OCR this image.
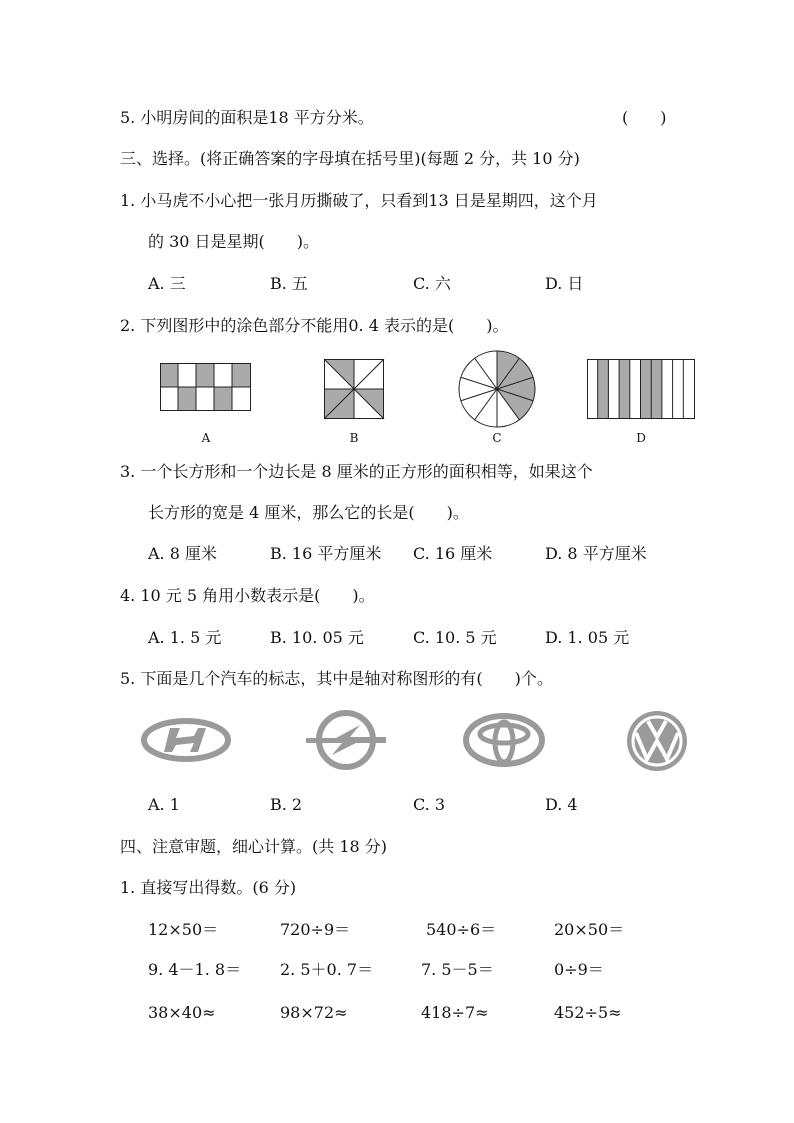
5. 小明房间的面积是18 平方分米。	(　　)
三、选择。(将正确答案的字母填在括号里)(每题 2 分，共 10 分)
1. 小马虎不小心把一张月历撕破了，只看到13 日是星期四，这个月
的 30 日是星期(　　)。
A. 三	B. 五	C. 六	D. 日
2. 下列图形中的涂色部分不能用0. 4 表示的是(　　)。
A	B	C	D
3. 一个长方形和一个边长是 8 厘米的正方形的面积相等，如果这个
长方形的宽是 4 厘米，那么它的长是(　　)。
A. 8 厘米	B. 16 平方厘米 C. 16 厘米	D. 8 平方厘米
4. 10 元 5 角用小数表示是(　　)。
A. 1. 5 元	B. 10. 05 元	C. 10. 5 元	D. 1. 05 元
5. 下面是几个汽车的标志，其中是轴对称图形的有(　　)个。
A. 1	B. 2	C. 3	D. 4
四、注意审题，细心计算。(共 18 分)
1. 直接写出得数。(6 分)
12×50＝	720÷9＝	540÷6＝	20×50＝
9. 4－1. 8＝ 2. 5＋0. 7＝	7. 5－5＝	0÷9＝
38×40≈	98×72≈	418÷7≈	452÷5≈
